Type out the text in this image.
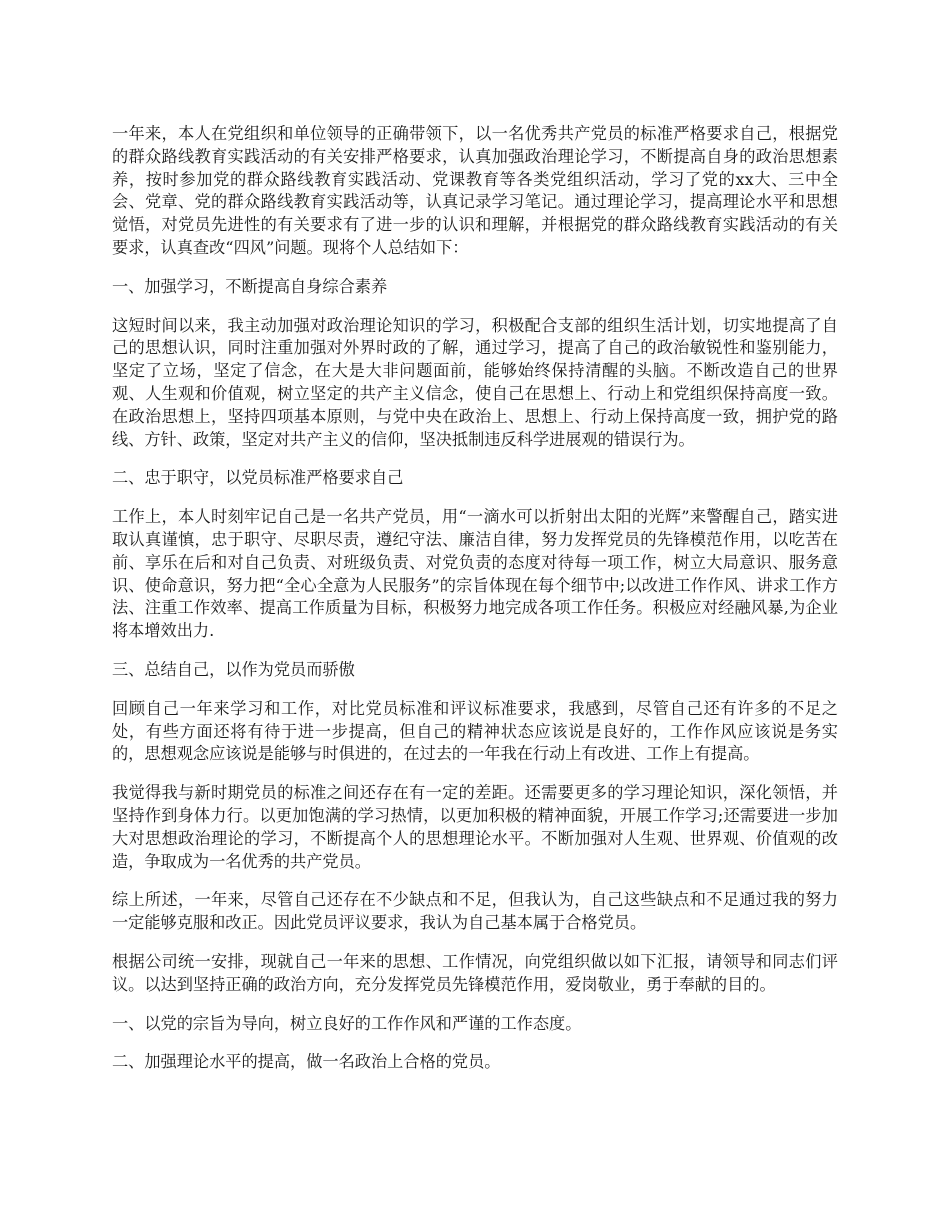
一年来，本人在党组织和单位领导的正确带领下，以一名优秀共产党员的标准严格要求自己，根据党的群众路线教育实践活动的有关安排严格要求，认真加强政治理论学习，不断提高自身的政治思想素养，按时参加党的群众路线教育实践活动、党课教育等各类党组织活动，学习了党的xx大、三中全会、党章、党的群众路线教育实践活动等，认真记录学习笔记。通过理论学习，提高理论水平和思想觉悟，对党员先进性的有关要求有了进一步的认识和理解，并根据党的群众路线教育实践活动的有关要求，认真查改“四风”问题。现将个人总结如下：

一、加强学习，不断提高自身综合素养

这短时间以来，我主动加强对政治理论知识的学习，积极配合支部的组织生活计划，切实地提高了自己的思想认识，同时注重加强对外界时政的了解，通过学习，提高了自己的政治敏锐性和鉴别能力，坚定了立场，坚定了信念，在大是大非问题面前，能够始终保持清醒的头脑。不断改造自己的世界观、人生观和价值观，树立坚定的共产主义信念，使自己在思想上、行动上和党组织保持高度一致。在政治思想上，坚持四项基本原则，与党中央在政治上、思想上、行动上保持高度一致，拥护党的路线、方针、政策，坚定对共产主义的信仰，坚决抵制违反科学进展观的错误行为。

二、忠于职守，以党员标准严格要求自己

工作上，本人时刻牢记自己是一名共产党员，用“一滴水可以折射出太阳的光辉”来警醒自己，踏实进取认真谨慎，忠于职守、尽职尽责，遵纪守法、廉洁自律，努力发挥党员的先锋模范作用，以吃苦在前、享乐在后和对自己负责、对班级负责、对党负责的态度对待每一项工作，树立大局意识、服务意识、使命意识，努力把“全心全意为人民服务”的宗旨体现在每个细节中;以改进工作作风、讲求工作方法、注重工作效率、提高工作质量为目标，积极努力地完成各项工作任务。积极应对经融风暴,为企业将本增效出力.

三、总结自己，以作为党员而骄傲

回顾自己一年来学习和工作，对比党员标准和评议标准要求，我感到，尽管自己还有许多的不足之处，有些方面还将有待于进一步提高，但自己的精神状态应该说是良好的，工作作风应该说是务实的，思想观念应该说是能够与时俱进的，在过去的一年我在行动上有改进、工作上有提高。

我觉得我与新时期党员的标准之间还存在有一定的差距。还需要更多的学习理论知识，深化领悟，并坚持作到身体力行。以更加饱满的学习热情，以更加积极的精神面貌，开展工作学习;还需要进一步加大对思想政治理论的学习，不断提高个人的思想理论水平。不断加强对人生观、世界观、价值观的改造，争取成为一名优秀的共产党员。

综上所述，一年来，尽管自己还存在不少缺点和不足，但我认为，自己这些缺点和不足通过我的努力一定能够克服和改正。因此党员评议要求，我认为自己基本属于合格党员。

根据公司统一安排，现就自己一年来的思想、工作情况，向党组织做以如下汇报，请领导和同志们评议。以达到坚持正确的政治方向，充分发挥党员先锋模范作用，爱岗敬业，勇于奉献的目的。

一、以党的宗旨为导向，树立良好的工作作风和严谨的工作态度。

二、加强理论水平的提高，做一名政治上合格的党员。
